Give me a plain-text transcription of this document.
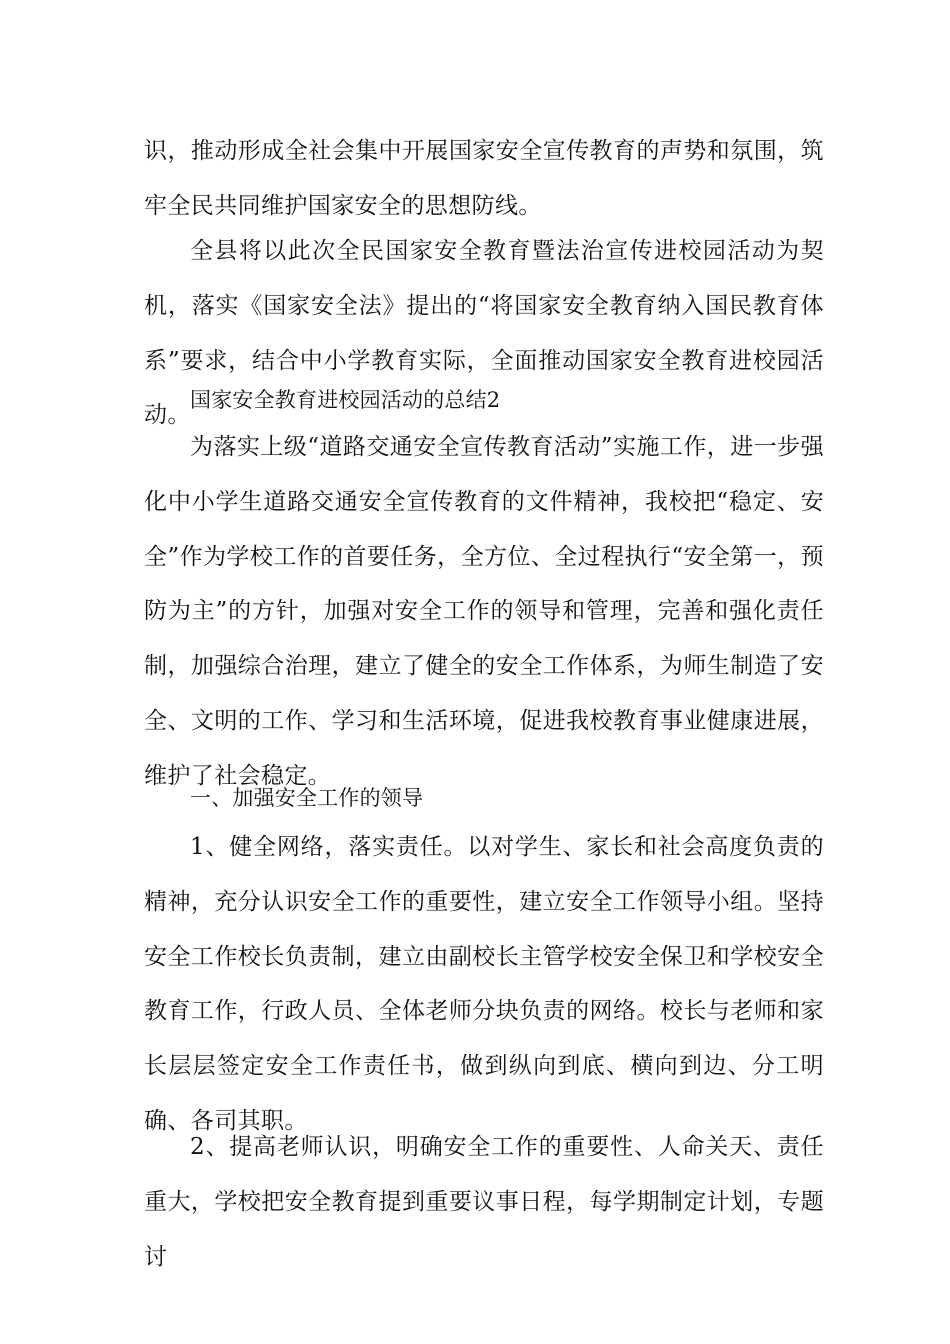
识，推动形成全社会集中开展国家安全宣传教育的声势和氛围，筑牢全民共同维护国家安全的思想防线。
全县将以此次全民国家安全教育暨法治宣传进校园活动为契机，落实《国家安全法》提出的“将国家安全教育纳入国民教育体系”要求，结合中小学教育实际，全面推动国家安全教育进校园活动。
国家安全教育进校园活动的总结2
为落实上级“道路交通安全宣传教育活动”实施工作，进一步强化中小学生道路交通安全宣传教育的文件精神，我校把“稳定、安全”作为学校工作的首要任务，全方位、全过程执行“安全第一，预防为主”的方针，加强对安全工作的领导和管理，完善和强化责任制，加强综合治理，建立了健全的安全工作体系，为师生制造了安全、文明的工作、学习和生活环境，促进我校教育事业健康进展，维护了社会稳定。
一、加强安全工作的领导
1、健全网络，落实责任。以对学生、家长和社会高度负责的精神，充分认识安全工作的重要性，建立安全工作领导小组。坚持安全工作校长负责制，建立由副校长主管学校安全保卫和学校安全教育工作，行政人员、全体老师分块负责的网络。校长与老师和家长层层签定安全工作责任书，做到纵向到底、横向到边、分工明确、各司其职。
2、提高老师认识，明确安全工作的重要性、人命关天、责任重大，学校把安全教育提到重要议事日程，每学期制定计划，专题讨
